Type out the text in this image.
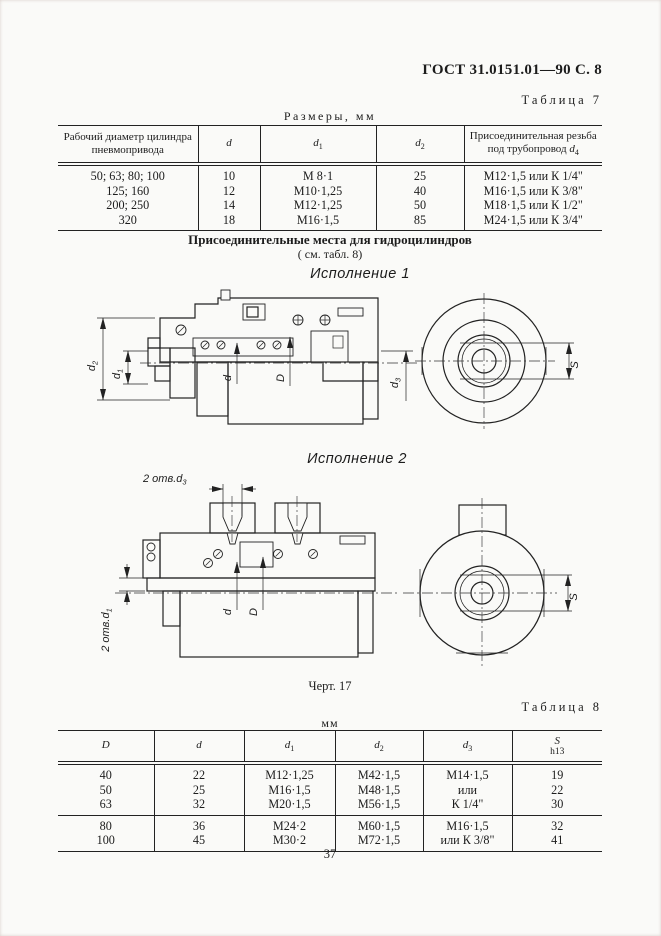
ГОСТ 31.0151.01—90 С. 8
Таблица 7
Размеры, мм
Рабочий диаметр цилиндра пневмопривода	d	$d_1$	$d_2$	Присоединительная резьба под трубопровод $d_4$
50; 63; 80; 100	10	М 8·1	25	М12·1,5 или К 1/4"
125; 160	12	М10·1,25	40	М16·1,5 или К 3/8"
200; 250	14	М12·1,25	50	М18·1,5 или К 1/2"
320	18	М16·1,5	85	М24·1,5 или К 3/4"
Присоединительные места для гидроцилиндров
( см. табл. 8)
Исполнение 1
$d_2$
$d_1$
d	D
$d_3$
S
Исполнение 2
2 $отв.d_3$
2 $отв.d_1$	d D
S
Черт. 17
Таблица 8
мм
D	d	$d_1$	$d_2$	$d_3$	S
h13

40	22	М12·1,25	М42·1,5	М14·1,5	19
50	25	М16·1,5	М48·1,5	или	22
63	32	М20·1,5	М56·1,5	К 1/4"	30
80	36	М24·2	М60·1,5	М16·1,5	32
100	45	М30·2	М72·1,5	или К 3/8"	41
37
